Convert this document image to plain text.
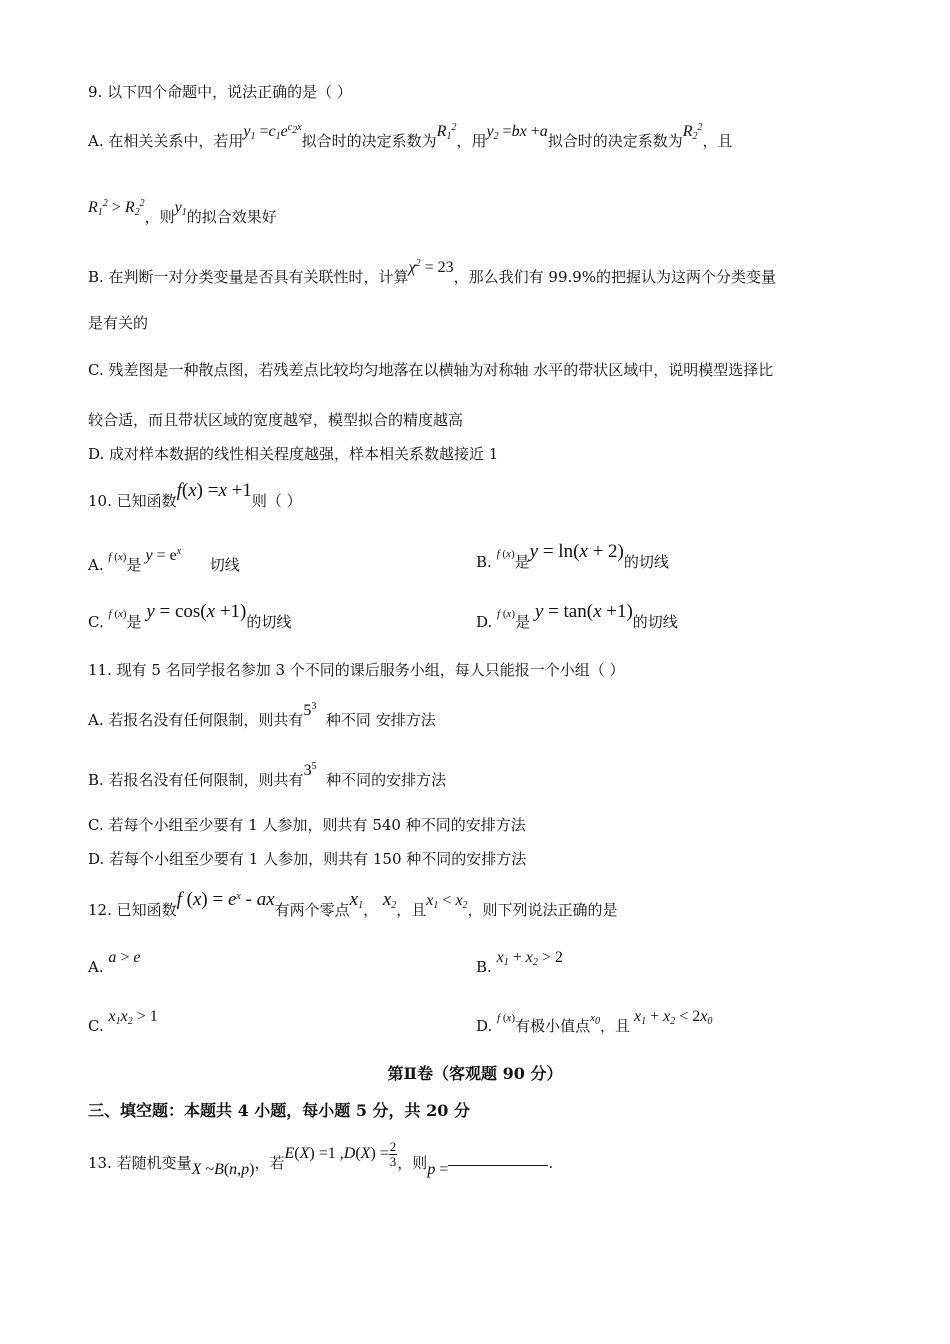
9. 以下四个命题中，说法正确的是（ ）
A. 在相关关系中，若用$y_1 =c_1e^{c_2x}$拟合时的决定系数为$R_1^2$，用$y_2 =bx +a$拟合时的决定系数为$R_2^2$，且
$R_1^2 > R_2^2$，则$y_1$的拟合效果好
B. 在判断一对分类变量是否具有关联性时，计算$\chi^2 = 23$，那么我们有 99.9%的把握认为这两个分类变量
是有关的
C. 残差图是一种散点图，若残差点比较均匀地落在以横轴为对称轴 水平的带状区域中，说明模型选择比
较合适，而且带状区域的宽度越窄，模型拟合的精度越高
D. 成对样本数据的线性相关程度越强，样本相关系数越接近 1
10. 已知函数f(x) =x +1则（ ）
A. $^{f (x)}$是 $y = e^x$      切线	B. $^{f (x)}$是y = ln(x + 2)的切线
C. $^{f (x)}$是 y = cos(x +1)的切线	D. $^{f (x)}$是 y = tan(x +1)的切线
11. 现有 5 名同学报名参加 3 个不同的课后服务小组，每人只能报一个小组（ ）
A. 若报名没有任何限制，则共有$5^3$  种不同 安排方法
B. 若报名没有任何限制，则共有$3^5$  种不同的安排方法
C. 若每个小组至少要有 1 人参加，则共有 540 种不同的安排方法
D. 若每个小组至少要有 1 人参加，则共有 150 种不同的安排方法
12. 已知函数f $(x) = e^x$ - ax有两个零点$x_1$， $x_2$，且$x_1 < x_2$，则下列说法正确的是
A. a > e
B. $x_1 + x_2 > 2$
C. $x_1x_2 > 1$
D. $^{f (x)}$有极小值点$^{x_0}$，且 $x_1 + x_2 < 2x_0$
第Ⅱ卷（客观题 90 分）
三、填空题：本题共 4 小题，每小题 5 分，共 20 分
13. 若随机变量X ~B(n,p)，若E(X) =1 $,D(X) = \frac{2}{3}$ ，则p =	.
